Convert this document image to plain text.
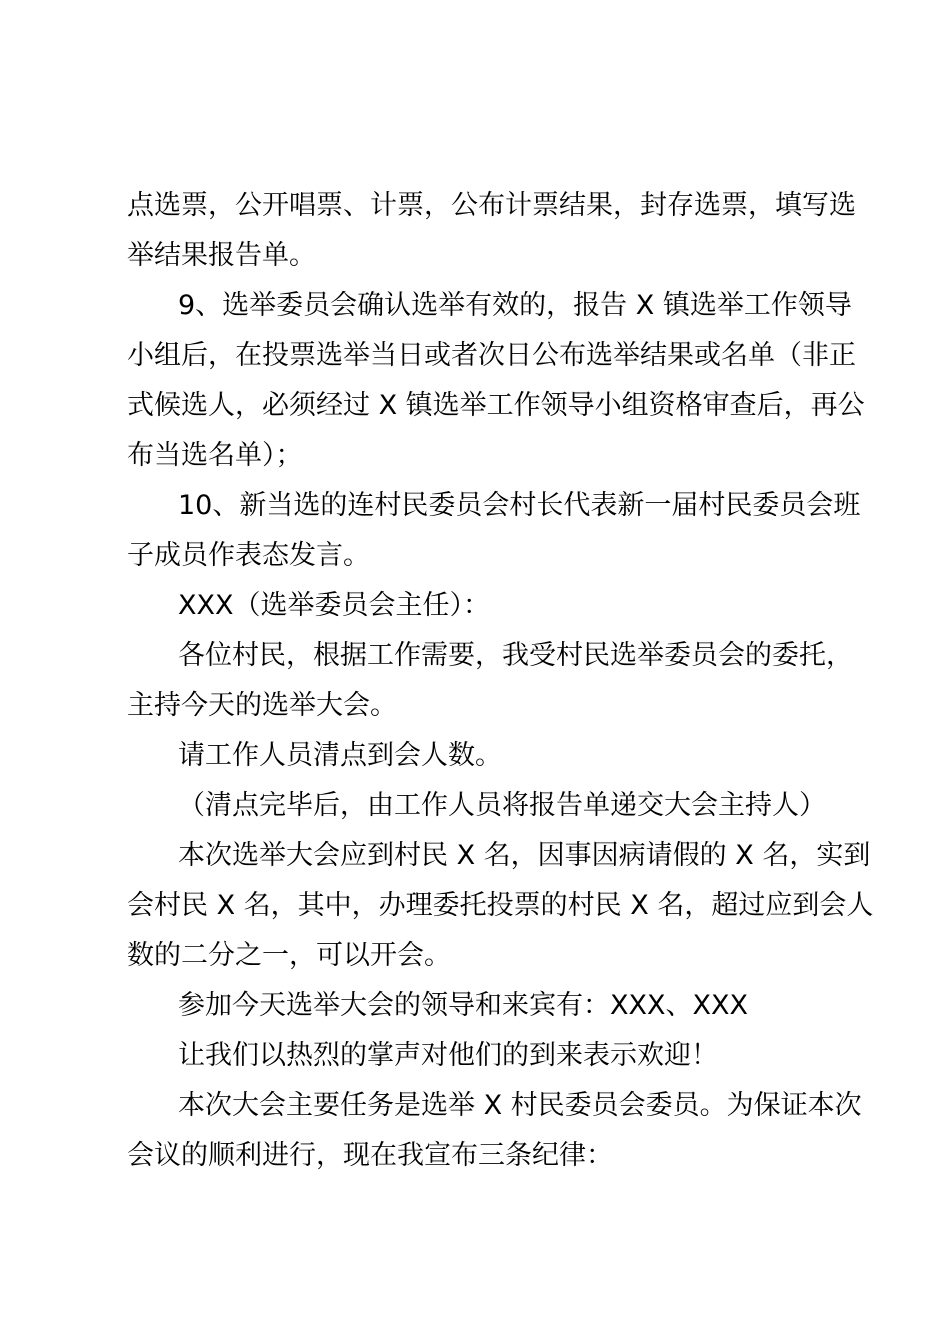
点选票，公开唱票、计票，公布计票结果，封存选票，填写选
举结果报告单。
9、选举委员会确认选举有效的，报告 X 镇选举工作领导
小组后，在投票选举当日或者次日公布选举结果或名单（非正
式候选人，必须经过 X 镇选举工作领导小组资格审查后，再公
布当选名单）；
10、新当选的连村民委员会村长代表新一届村民委员会班
子成员作表态发言。
XXX（选举委员会主任）：
各位村民，根据工作需要，我受村民选举委员会的委托，
主持今天的选举大会。
请工作人员清点到会人数。
（清点完毕后，由工作人员将报告单递交大会主持人）
本次选举大会应到村民 X 名，因事因病请假的 X 名，实到
会村民 X 名，其中，办理委托投票的村民 X 名，超过应到会人
数的二分之一，可以开会。
参加今天选举大会的领导和来宾有：XXX、XXX
让我们以热烈的掌声对他们的到来表示欢迎！
本次大会主要任务是选举 X 村民委员会委员。为保证本次
会议的顺利进行，现在我宣布三条纪律：
